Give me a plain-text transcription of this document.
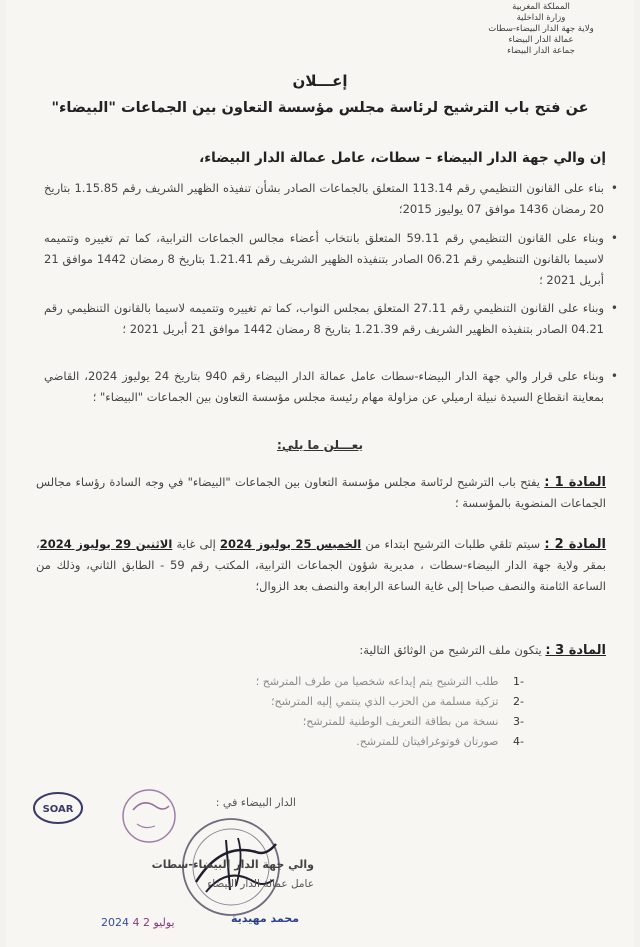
المملكة المغربية
وزارة الداخلية
ولاية جهة الدار البيضاء-سطات
عمالة الدار البيضاء
جماعة الدار البيضاء
إعـــلان
عن فتح باب الترشيح لرئاسة مجلس مؤسسة التعاون بين الجماعات "البيضاء"
إن والي جهة الدار البيضاء – سطات، عامل عمالة الدار البيضاء،
•
بناء على القانون التنظيمي رقم 113.14 المتعلق بالجماعات الصادر بشأن تنفيذه الظهير الشريف رقم 1.15.85 بتاريخ 20 رمضان 1436 موافق 07 يوليوز 2015؛
•
وبناء على القانون التنظيمي رقم 59.11 المتعلق بانتخاب أعضاء مجالس الجماعات الترابية، كما تم تغييره وتتميمه لاسيما بالقانون التنظيمي رقم 06.21 الصادر بتنفيذه الظهير الشريف رقم 1.21.41 بتاريخ 8 رمضان 1442 موافق 21 أبريل 2021 ؛
•
وبناء على القانون التنظيمي رقم 27.11 المتعلق بمجلس النواب، كما تم تغييره وتتميمه لاسيما بالقانون التنظيمي رقم 04.21 الصادر بتنفيذه الظهير الشريف رقم 1.21.39 بتاريخ 8 رمضان 1442 موافق 21 أبريل 2021 ؛
•
وبناء على قرار والي جهة الدار البيضاء-سطات عامل عمالة الدار البيضاء رقم 940 بتاريخ 24 يوليوز 2024، القاضي بمعاينة انقطاع السيدة نبيلة ارميلي عن مزاولة مهام رئيسة مجلس مؤسسة التعاون بين الجماعات "البيضاء" ؛
يعـــلن ما يلي:
المادة 1 : يفتح باب الترشيح لرئاسة مجلس مؤسسة التعاون بين الجماعات "البيضاء" في وجه السادة رؤساء مجالس الجماعات المنضوية بالمؤسسة ؛
المادة 2 : سيتم تلقي طلبات الترشيح ابتداء من الخميس 25 يوليوز 2024 إلى غاية الاثنين 29 يوليوز 2024، بمقر ولاية جهة الدار البيضاء-سطات ، مديرية شؤون الجماعات الترابية، المكتب رقم 59 - الطابق الثاني، وذلك من الساعة الثامنة والنصف صباحا إلى غاية الساعة الرابعة والنصف بعد الزوال؛
المادة 3 : يتكون ملف الترشيح من الوثائق التالية:
-1 طلب الترشيح يتم إيداعه شخصيا من طرف المترشح ؛
-2 تزكية مسلمة من الحزب الذي ينتمي إليه المترشح؛
-3 نسخة من بطاقة التعريف الوطنية للمترشح؛
-4 صورتان فوتوغرافيتان للمترشح.
الدار البيضاء في :
SOAR
والي جهة الدار البيضاء-سطات
عامل عمالة الدار البيضاء
محمد مهيدية
2024 يوليو 2 4
